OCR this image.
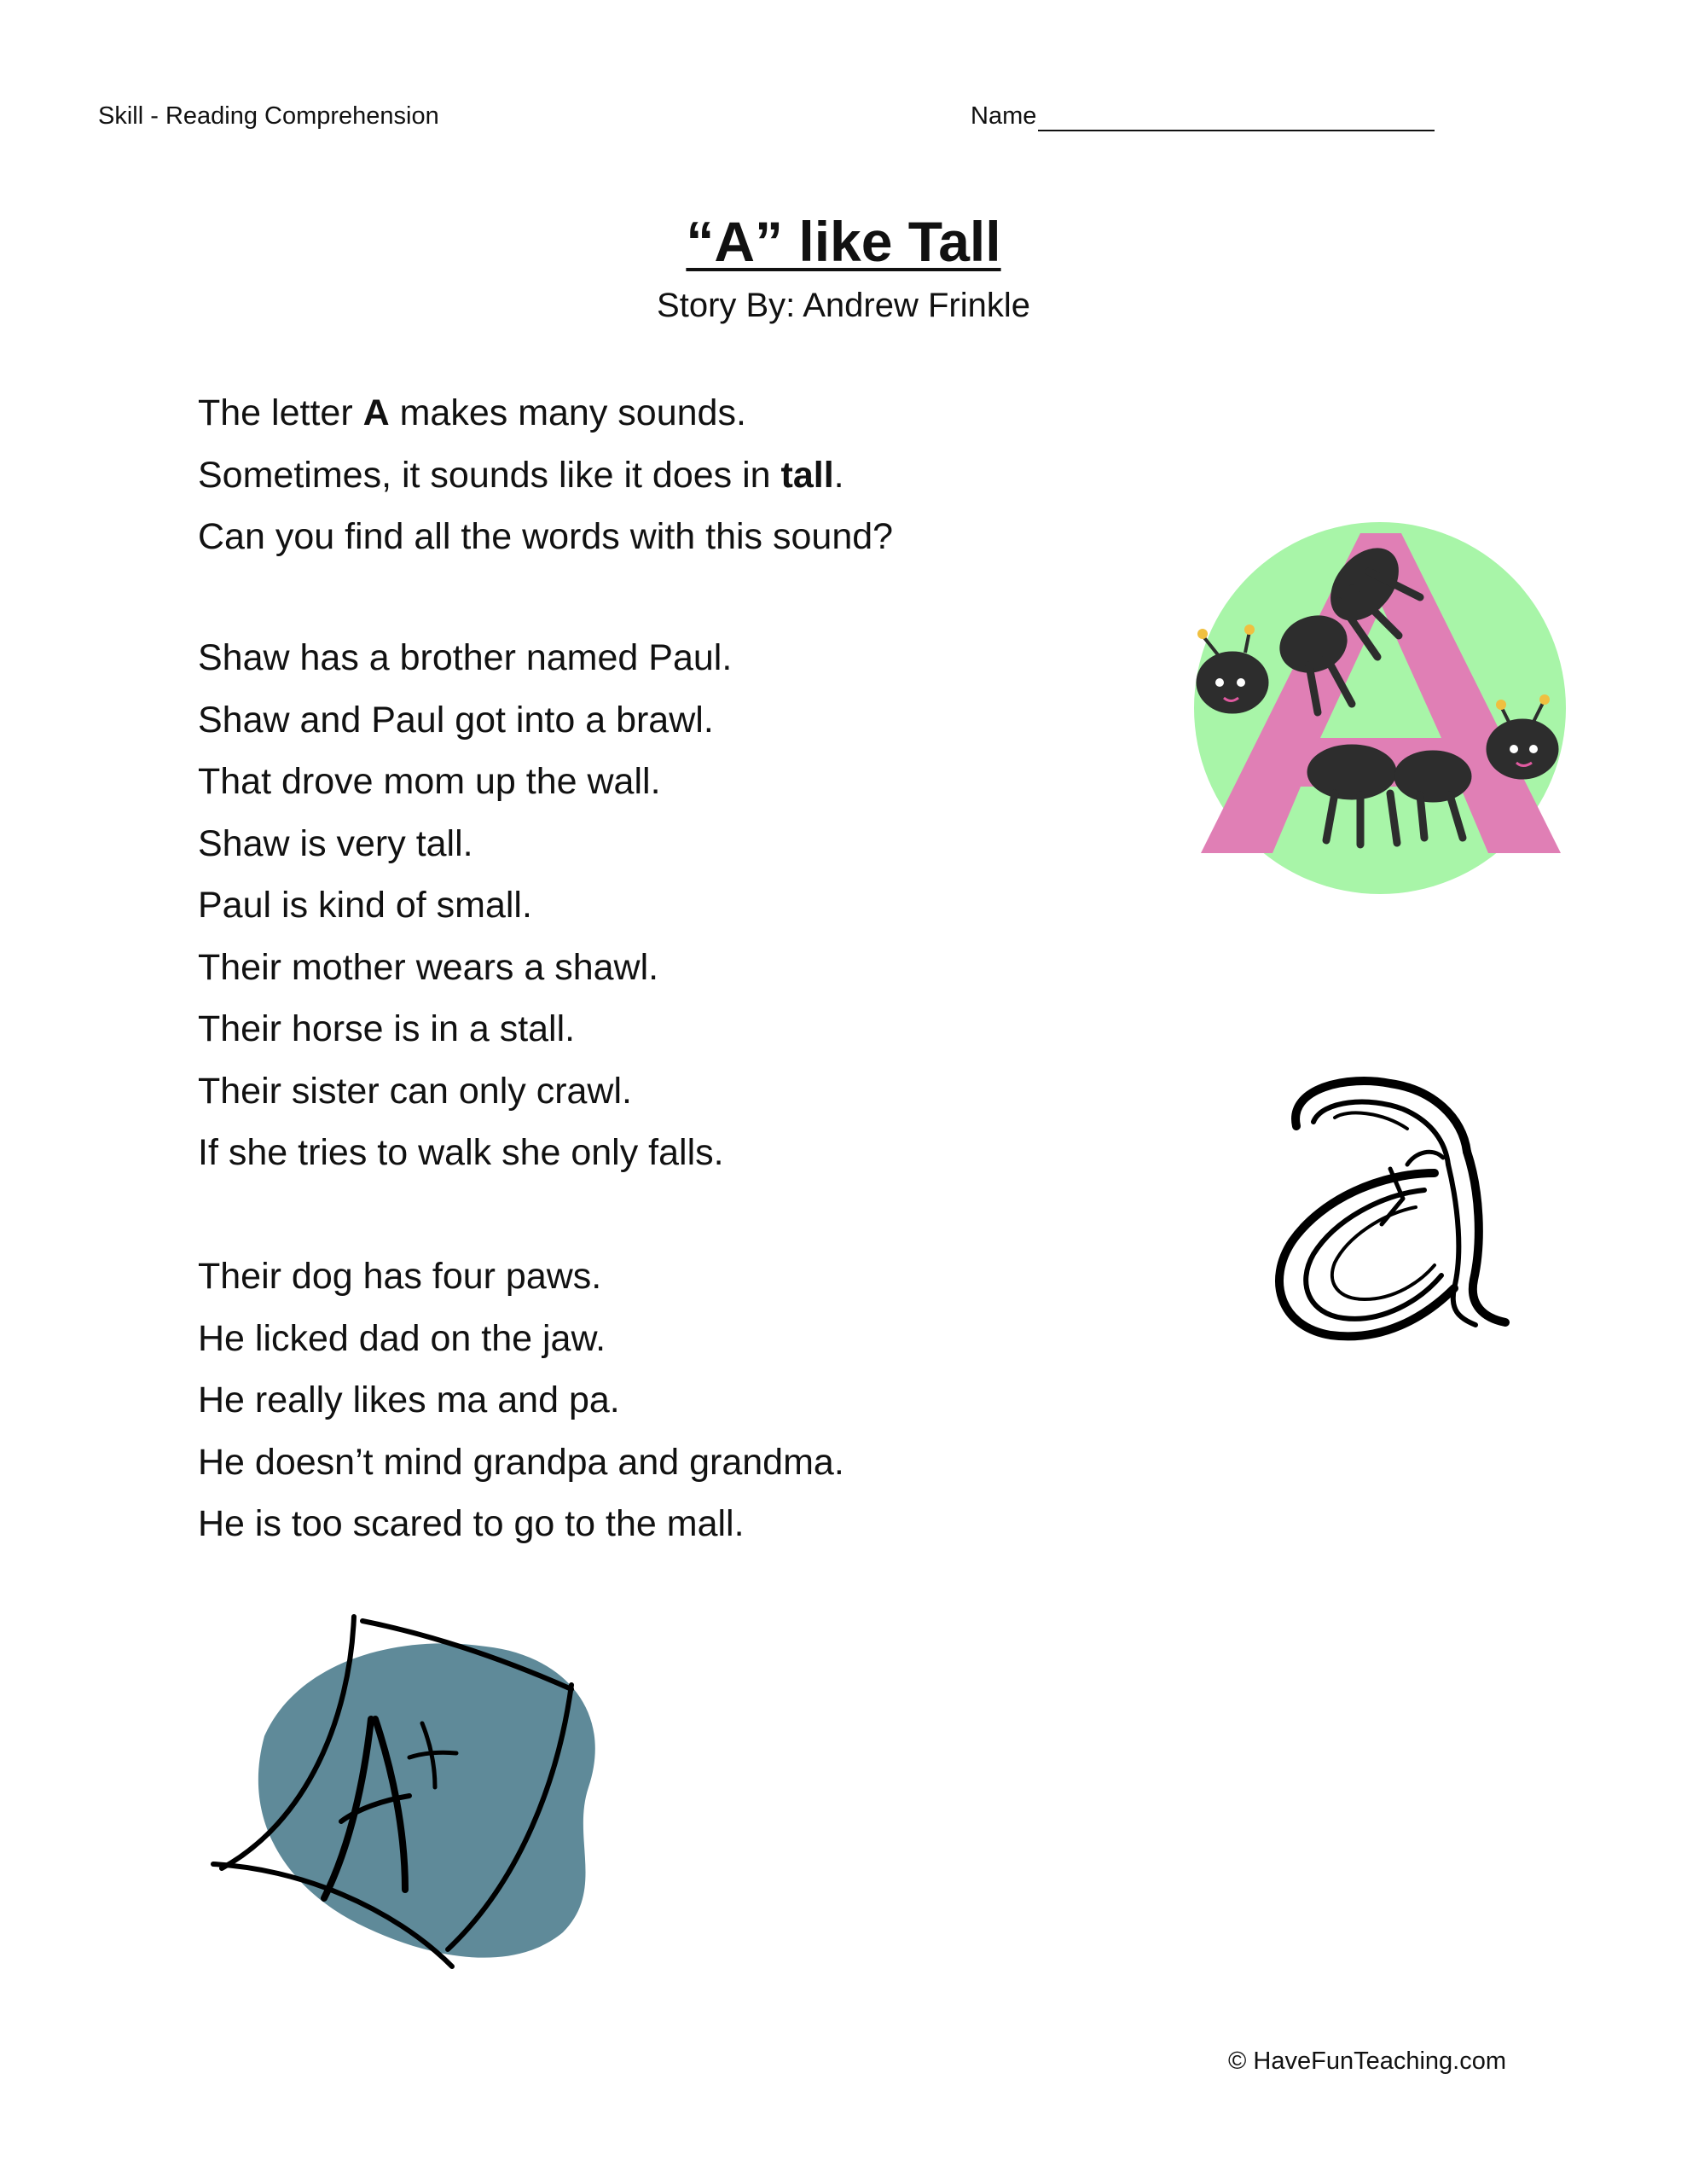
Skill - Reading Comprehension	Name
“A” like Tall
Story By: Andrew Frinkle
The letter A makes many sounds.
Sometimes, it sounds like it does in tall.
Can you find all the words with this sound?
Shaw has a brother named Paul.
Shaw and Paul got into a brawl.
That drove mom up the wall.
Shaw is very tall.
Paul is kind of small.
Their mother wears a shawl.
Their horse is in a stall.
Their sister can only crawl.
If she tries to walk she only falls.
Their dog has four paws.
He licked dad on the jaw.
He really likes ma and pa.
He doesn’t mind grandpa and grandma.
He is too scared to go to the mall.
© HaveFunTeaching.com
